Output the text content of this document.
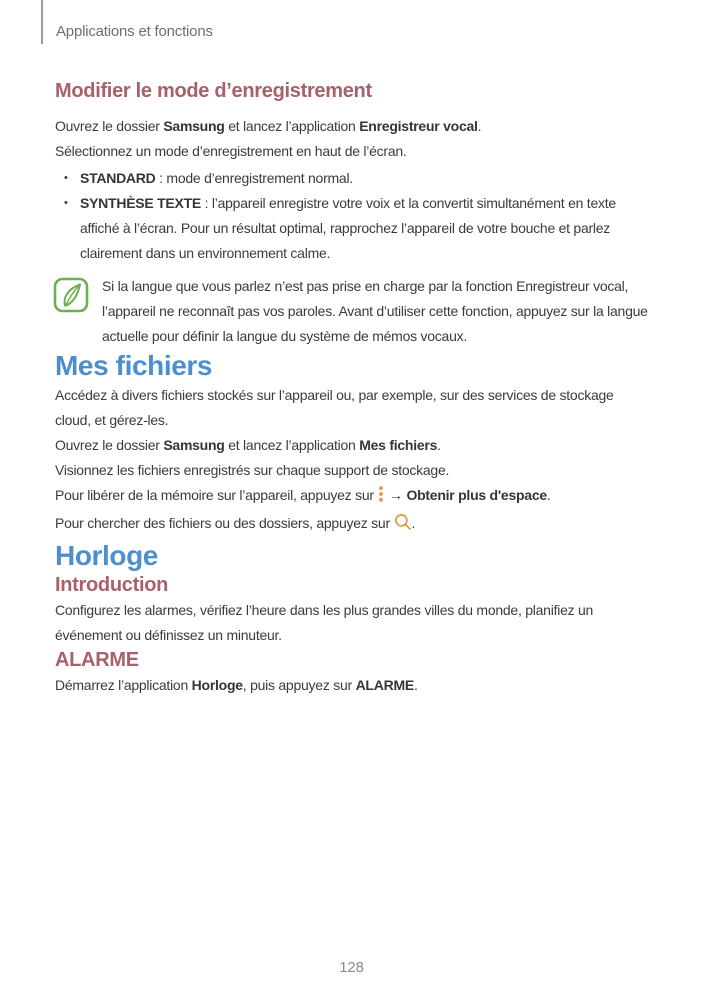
Applications et fonctions
Modifier le mode d’enregistrement

Ouvrez le dossier Samsung et lancez l’application Enregistreur vocal.

Sélectionnez un mode d’enregistrement en haut de l’écran.

• STANDARD : mode d’enregistrement normal.
• SYNTHÈSE TEXTE : l’appareil enregistre votre voix et la convertit simultanément en texte affiché à l’écran. Pour un résultat optimal, rapprochez l’appareil de votre bouche et parlez clairement dans un environnement calme.
Si la langue que vous parlez n’est pas prise en charge par la fonction Enregistreur vocal, l’appareil ne reconnaît pas vos paroles. Avant d’utiliser cette fonction, appuyez sur la langue actuelle pour définir la langue du système de mémos vocaux.
Mes fichiers

Accédez à divers fichiers stockés sur l’appareil ou, par exemple, sur des services de stockage cloud, et gérez-les.

Ouvrez le dossier Samsung et lancez l’application Mes fichiers.

Visionnez les fichiers enregistrés sur chaque support de stockage.

Pour libérer de la mémoire sur l’appareil, appuyez sur  → Obtenir plus d'espace.

Pour chercher des fichiers ou des dossiers, appuyez sur .

Horloge
Introduction

Configurez les alarmes, vérifiez l’heure dans les plus grandes villes du monde, planifiez un événement ou définissez un minuteur.

ALARME

Démarrez l’application Horloge, puis appuyez sur ALARME.

128
